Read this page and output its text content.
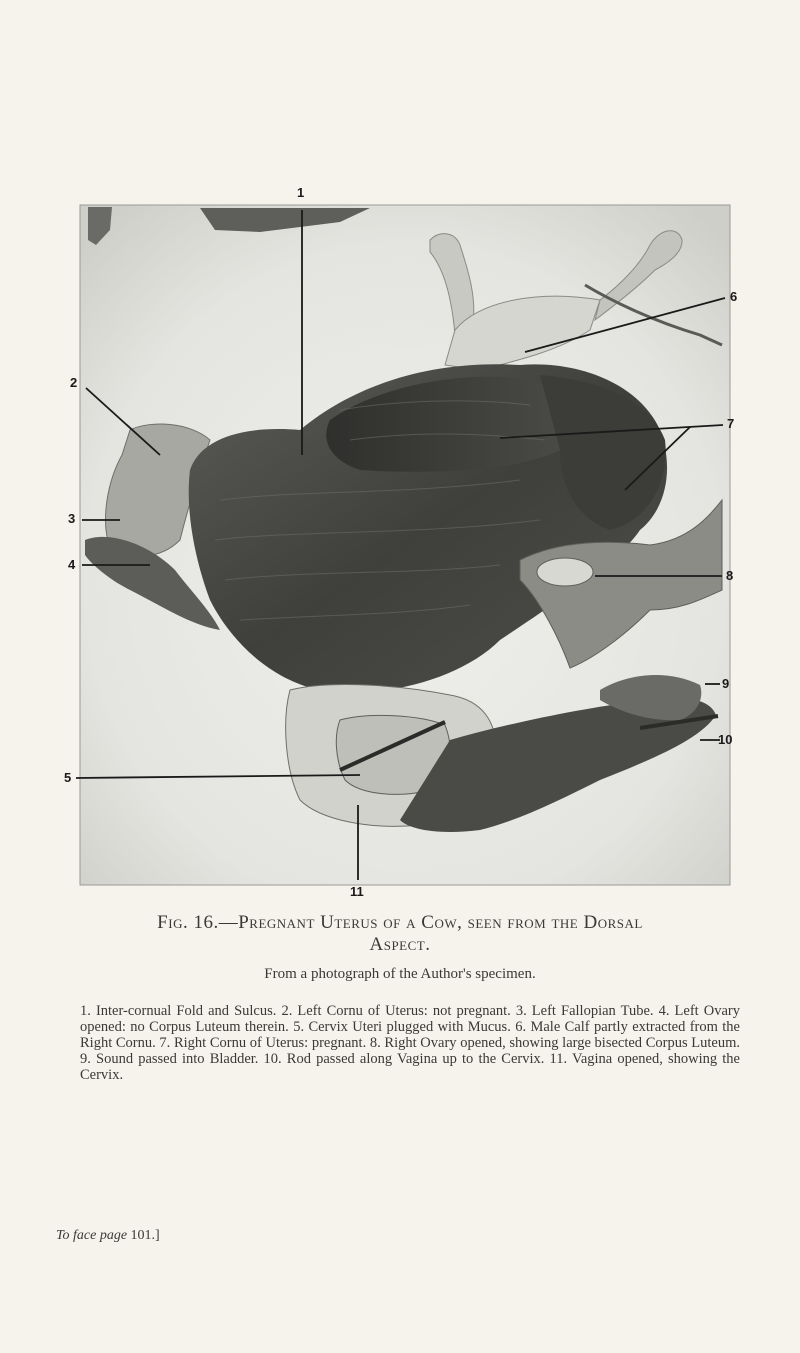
1
2
3
4
5
6
7
8
9
10
11
Fig. 16.—Pregnant Uterus of a Cow, seen from the Dorsal
Aspect.
From a photograph of the Author's specimen.
1. Inter-cornual Fold and Sulcus. 2. Left Cornu of Uterus: not pregnant. 3. Left Fallopian Tube. 4. Left Ovary opened: no Corpus Luteum therein. 5. Cervix Uteri plugged with Mucus. 6. Male Calf partly extracted from the Right Cornu. 7. Right Cornu of Uterus: pregnant. 8. Right Ovary opened, showing large bisected Corpus Luteum. 9. Sound passed into Bladder. 10. Rod passed along Vagina up to the Cervix. 11. Vagina opened, showing the Cervix.
To face page 101.]
